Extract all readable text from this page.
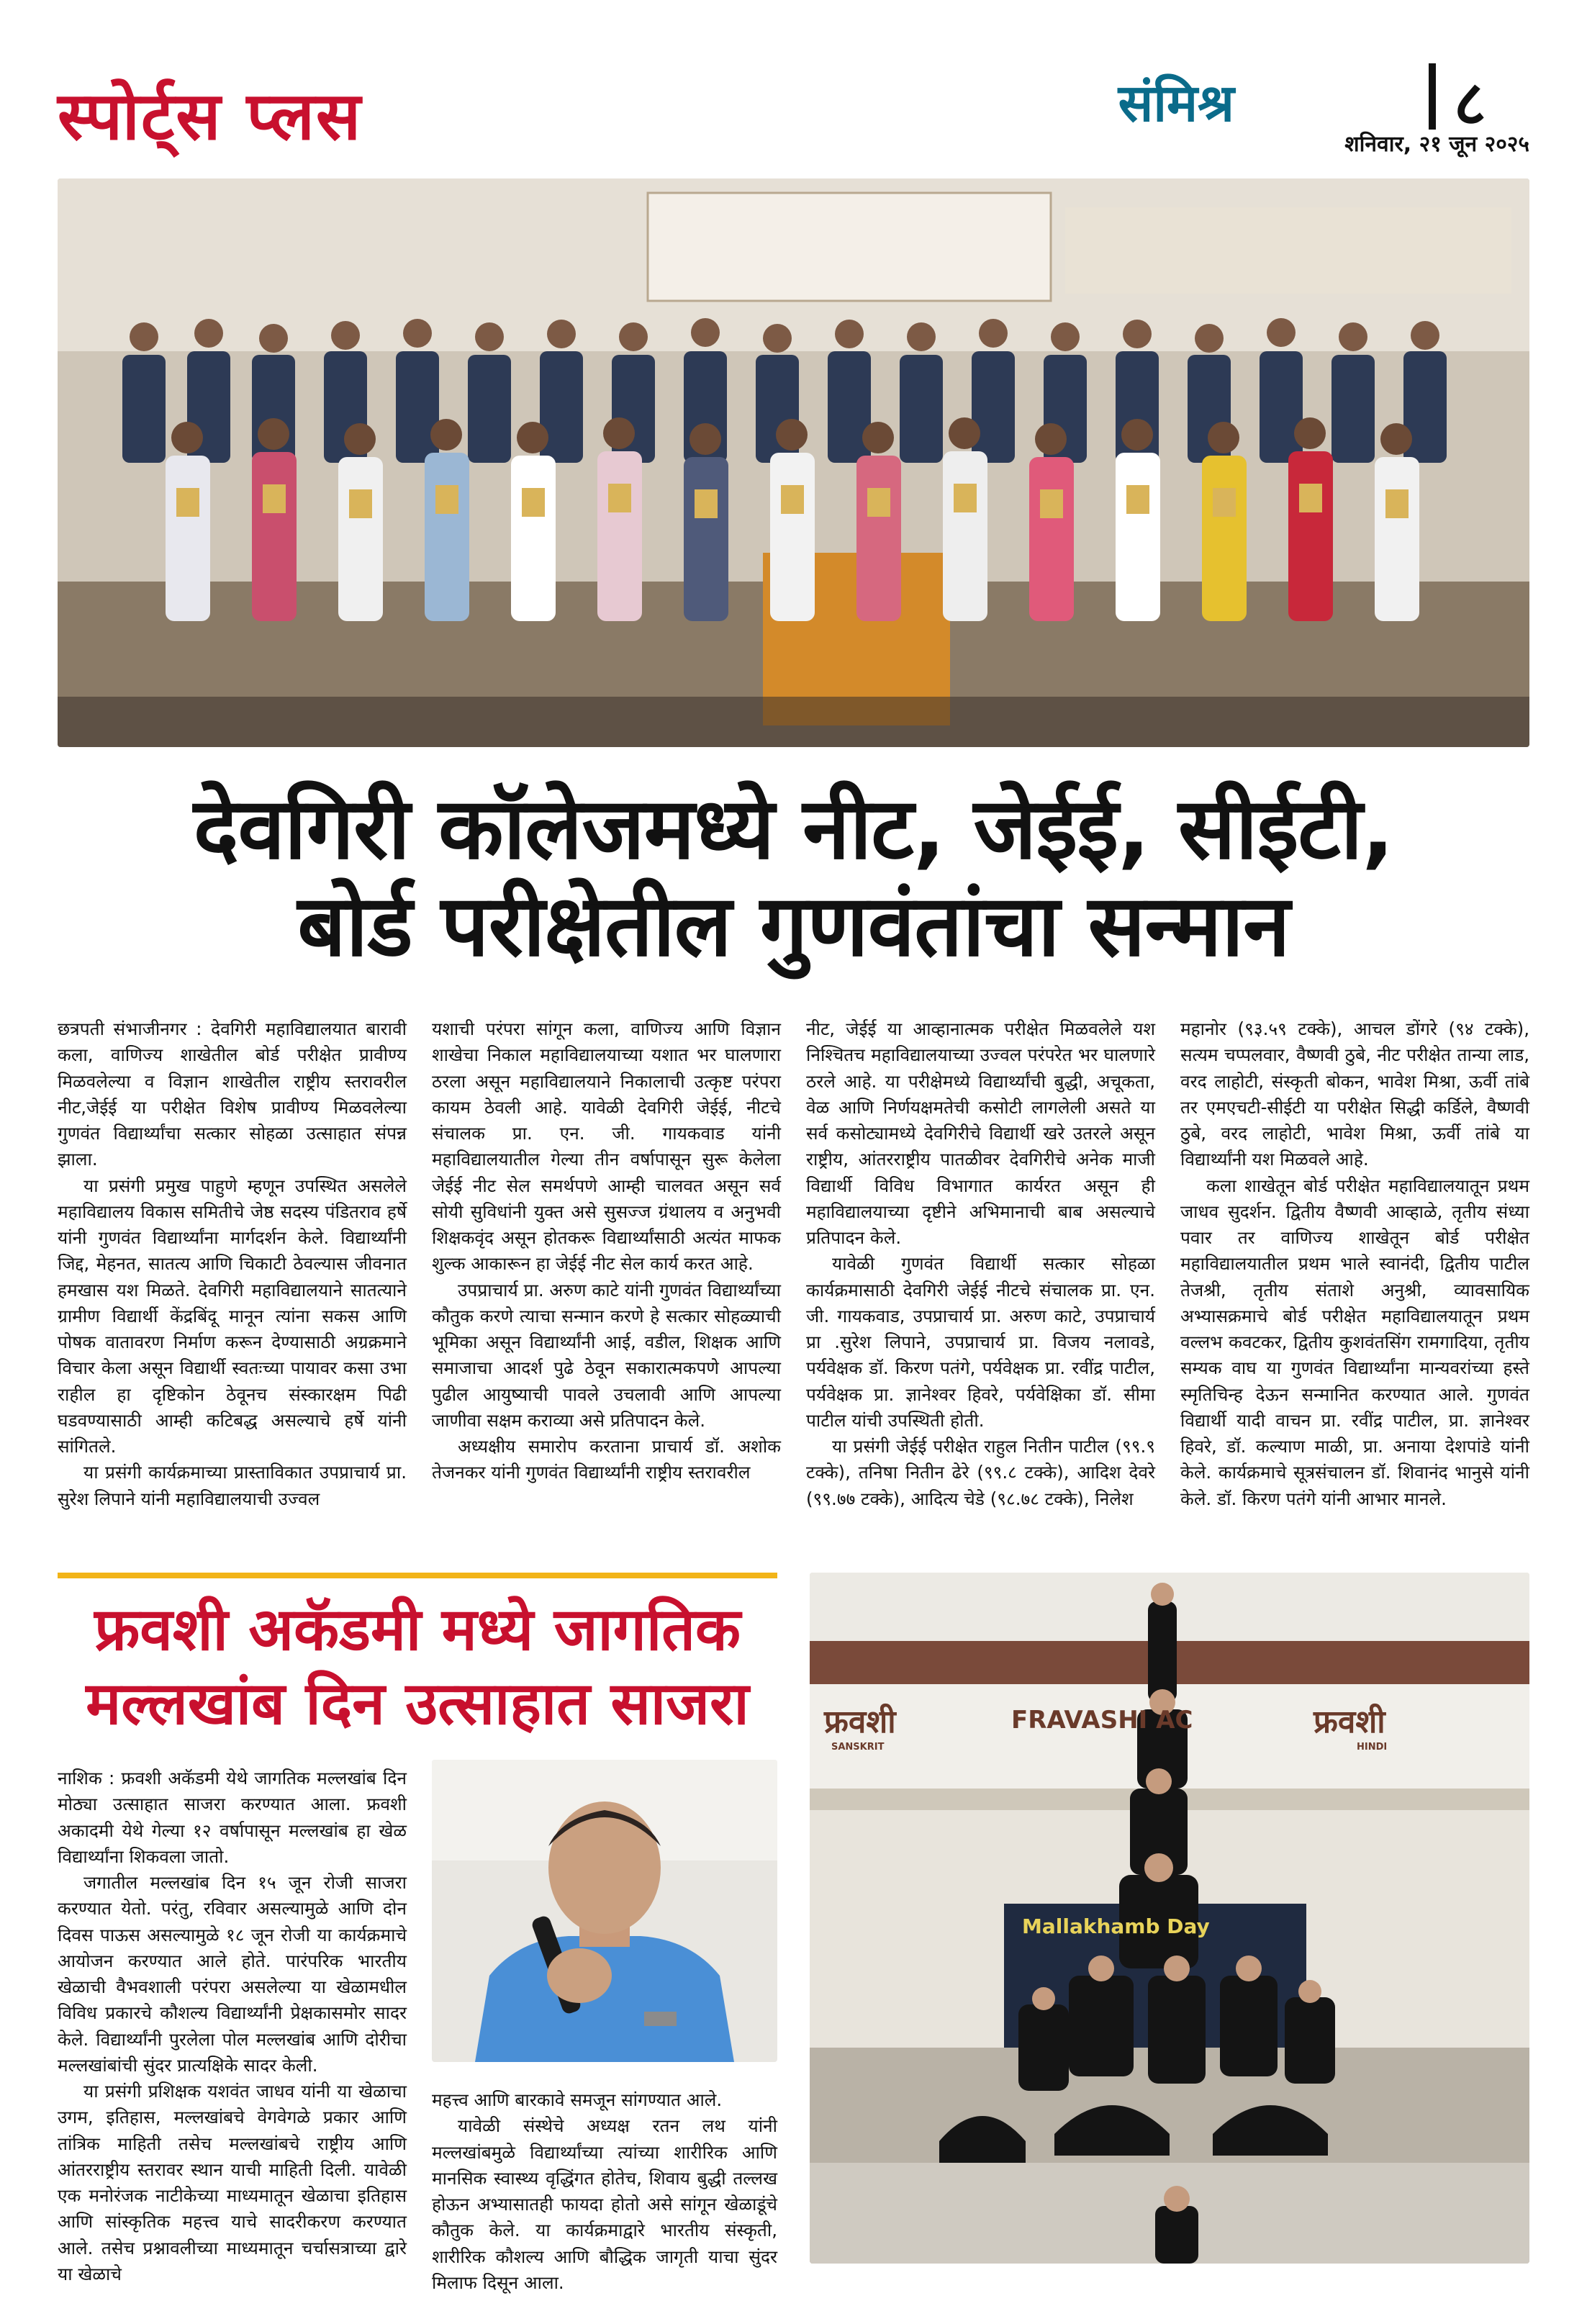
स्पोर्ट्स प्लस	संमिश्र	८
शनिवार, २१ जून २०२५
देवगिरी कॉलेजमध्ये नीट, जेईई, सीईटी,
बोर्ड परीक्षेतील गुणवंतांचा सन्मान

छत्रपती संभाजीनगर : देवगिरी महाविद्यालयात बारावी कला, वाणिज्य शाखेतील बोर्ड परीक्षेत प्रावीण्य मिळवलेल्या व विज्ञान शाखेतील राष्ट्रीय स्तरावरील नीट,जेईई या परीक्षेत विशेष प्रावीण्य मिळवलेल्या गुणवंत विद्यार्थ्यांचा सत्कार सोहळा उत्साहात संपन्न झाला.

या प्रसंगी प्रमुख पाहुणे म्हणून उपस्थित असलेले महाविद्यालय विकास समितीचे जेष्ठ सदस्य पंडितराव हर्षे यांनी गुणवंत विद्यार्थ्यांना मार्गदर्शन केले. विद्यार्थ्यांनी जिद्द, मेहनत, सातत्य आणि चिकाटी ठेवल्यास जीवनात हमखास यश मिळते. देवगिरी महाविद्यालयाने सातत्याने ग्रामीण विद्यार्थी केंद्रबिंदू मानून त्यांना सकस आणि पोषक वातावरण निर्माण करून देण्यासाठी अग्रक्रमाने विचार केला असून विद्यार्थी स्वतःच्या पायावर कसा उभा राहील हा दृष्टिकोन ठेवूनच संस्कारक्षम पिढी घडवण्यासाठी आम्ही कटिबद्ध असल्याचे हर्षे यांनी सांगितले.

या प्रसंगी कार्यक्रमाच्या प्रास्ताविकात उपप्राचार्य प्रा. सुरेश लिपाने यांनी महाविद्यालयाची उज्वल

यशाची परंपरा सांगून कला, वाणिज्य आणि विज्ञान शाखेचा निकाल महाविद्यालयाच्या यशात भर घालणारा ठरला असून महाविद्यालयाने निकालाची उत्कृष्ट परंपरा कायम ठेवली आहे. यावेळी देवगिरी जेईई, नीटचे संचालक प्रा. एन. जी. गायकवाड यांनी महाविद्यालयातील गेल्या तीन वर्षापासून सुरू केलेला जेईई नीट सेल समर्थपणे आम्ही चालवत असून सर्व सोयी सुविधांनी युक्त असे सुसज्ज ग्रंथालय व अनुभवी शिक्षकवृंद असून होतकरू विद्यार्थ्यांसाठी अत्यंत माफक शुल्क आकारून हा जेईई नीट सेल कार्य करत आहे.

उपप्राचार्य प्रा. अरुण काटे यांनी गुणवंत विद्यार्थ्यांच्या कौतुक करणे त्याचा सन्मान करणे हे सत्कार सोहळ्याची भूमिका असून विद्यार्थ्यांनी आई, वडील, शिक्षक आणि समाजाचा आदर्श पुढे ठेवून सकारात्मकपणे आपल्या पुढील आयुष्याची पावले उचलावी आणि आपल्या जाणीवा सक्षम कराव्या असे प्रतिपादन केले.

अध्यक्षीय समारोप करताना प्राचार्य डॉ. अशोक तेजनकर यांनी गुणवंत विद्यार्थ्यांनी राष्ट्रीय स्तरावरील

नीट, जेईई या आव्हानात्मक परीक्षेत मिळवलेले यश निश्चितच महाविद्यालयाच्या उज्वल परंपरेत भर घालणारे ठरले आहे. या परीक्षेमध्ये विद्यार्थ्यांची बुद्धी, अचूकता, वेळ आणि निर्णयक्षमतेची कसोटी लागलेली असते या सर्व कसोट्यामध्ये देवगिरीचे विद्यार्थी खरे उतरले असून राष्ट्रीय, आंतरराष्ट्रीय पातळीवर देवगिरीचे अनेक माजी विद्यार्थी विविध विभागात कार्यरत असून ही महाविद्यालयाच्या दृष्टीने अभिमानाची बाब असल्याचे प्रतिपादन केले.

यावेळी गुणवंत विद्यार्थी सत्कार सोहळा कार्यक्रमासाठी देवगिरी जेईई नीटचे संचालक प्रा. एन. जी. गायकवाड, उपप्राचार्य प्रा. अरुण काटे, उपप्राचार्य प्रा .सुरेश लिपाने, उपप्राचार्य प्रा. विजय नलावडे, पर्यवेक्षक डॉ. किरण पतंगे, पर्यवेक्षक प्रा. रवींद्र पाटील, पर्यवेक्षक प्रा. ज्ञानेश्वर हिवरे, पर्यवेक्षिका डॉ. सीमा पाटील यांची उपस्थिती होती.

या प्रसंगी जेईई परीक्षेत राहुल नितीन पाटील (९९.९ टक्के), तनिषा नितीन ढेरे (९९.८ टक्के), आदिश देवरे (९९.७७ टक्के), आदित्य चेडे (९८.७८ टक्के), निलेश

महानोर (९३.५९ टक्के), आचल डोंगरे (९४ टक्के), सत्यम चप्पलवार, वैष्णवी ठुबे, नीट परीक्षेत तान्या लाड, वरद लाहोटी, संस्कृती बोकन, भावेश मिश्रा, ऊर्वी तांबे तर एमएचटी-सीईटी या परीक्षेत सिद्धी कर्डिले, वैष्णवी ठुबे, वरद लाहोटी, भावेश मिश्रा, ऊर्वी तांबे या विद्यार्थ्यांनी यश मिळवले आहे.

कला शाखेतून बोर्ड परीक्षेत महाविद्यालयातून प्रथम जाधव सुदर्शन. द्वितीय वैष्णवी आव्हाळे, तृतीय संध्या पवार तर वाणिज्य शाखेतून बोर्ड परीक्षेत महाविद्यालयातील प्रथम भाले स्वानंदी, द्वितीय पाटील तेजश्री, तृतीय संताशे अनुश्री, व्यावसायिक अभ्यासक्रमाचे बोर्ड परीक्षेत महाविद्यालयातून प्रथम वल्लभ कवटकर, द्वितीय कुशवंतसिंग रामगादिया, तृतीय सम्यक वाघ या गुणवंत विद्यार्थ्यांना मान्यवरांच्या हस्ते स्मृतिचिन्ह देऊन सन्मानित करण्यात आले. गुणवंत विद्यार्थी यादी वाचन प्रा. रवींद्र पाटील, प्रा. ज्ञानेश्वर हिवरे, डॉ. कल्याण माळी, प्रा. अनाया देशपांडे यांनी केले. कार्यक्रमाचे सूत्रसंचालन डॉ. शिवानंद भानुसे यांनी केले. डॉ. किरण पतंगे यांनी आभार मानले.

फ्रवशी अकॅडमी मध्ये जागतिक
मल्लखांब दिन उत्साहात साजरा

नाशिक : फ्रवशी अकॅडमी येथे जागतिक मल्लखांब दिन मोठ्या उत्साहात साजरा करण्यात आला. फ्रवशी अकादमी येथे गेल्या १२ वर्षापासून मल्लखांब हा खेळ विद्यार्थ्यांना शिकवला जातो.

जगातील मल्लखांब दिन १५ जून रोजी साजरा करण्यात येतो. परंतु, रविवार असल्यामुळे आणि दोन दिवस पाऊस असल्यामुळे १८ जून रोजी या कार्यक्रमाचे आयोजन करण्यात आले होते. पारंपरिक भारतीय खेळाची वैभवशाली परंपरा असलेल्या या खेळामधील विविध प्रकारचे कौशल्य विद्यार्थ्यांनी प्रेक्षकासमोर सादर केले. विद्यार्थ्यांनी पुरलेला पोल मल्लखांब आणि दोरीचा मल्लखांबांची सुंदर प्रात्यक्षिके सादर केली.

या प्रसंगी प्रशिक्षक यशवंत जाधव यांनी या खेळाचा उगम, इतिहास, मल्लखांबचे वेगवेगळे प्रकार आणि तांत्रिक माहिती तसेच मल्लखांबचे राष्ट्रीय आणि आंतरराष्ट्रीय स्तरावर स्थान याची माहिती दिली. यावेळी एक मनोरंजक नाटीकेच्या माध्यमातून खेळाचा इतिहास आणि सांस्कृतिक महत्त्व याचे सादरीकरण करण्यात आले. तसेच प्रश्नावलीच्या माध्यमातून चर्चासत्राच्या द्वारे या खेळाचे

महत्त्व आणि बारकावे समजून सांगण्यात आले.

यावेळी संस्थेचे अध्यक्ष रतन लथ यांनी मल्लखांबमुळे विद्यार्थ्यांच्या त्यांच्या शारीरिक आणि मानसिक स्वास्थ्य वृद्धिंगत होतेच, शिवाय बुद्धी तल्लख होऊन अभ्यासातही फायदा होतो असे सांगून खेळाडूंचे कौतुक केले. या कार्यक्रमाद्वारे भारतीय संस्कृती, शारीरिक कौशल्य आणि बौद्धिक जागृती याचा सुंदर मिलाफ दिसून आला.

फ्रवशी	FRAVASHI AC	फ्रवशी
SANSKRIT	HINDI
Mallakhamb Day
